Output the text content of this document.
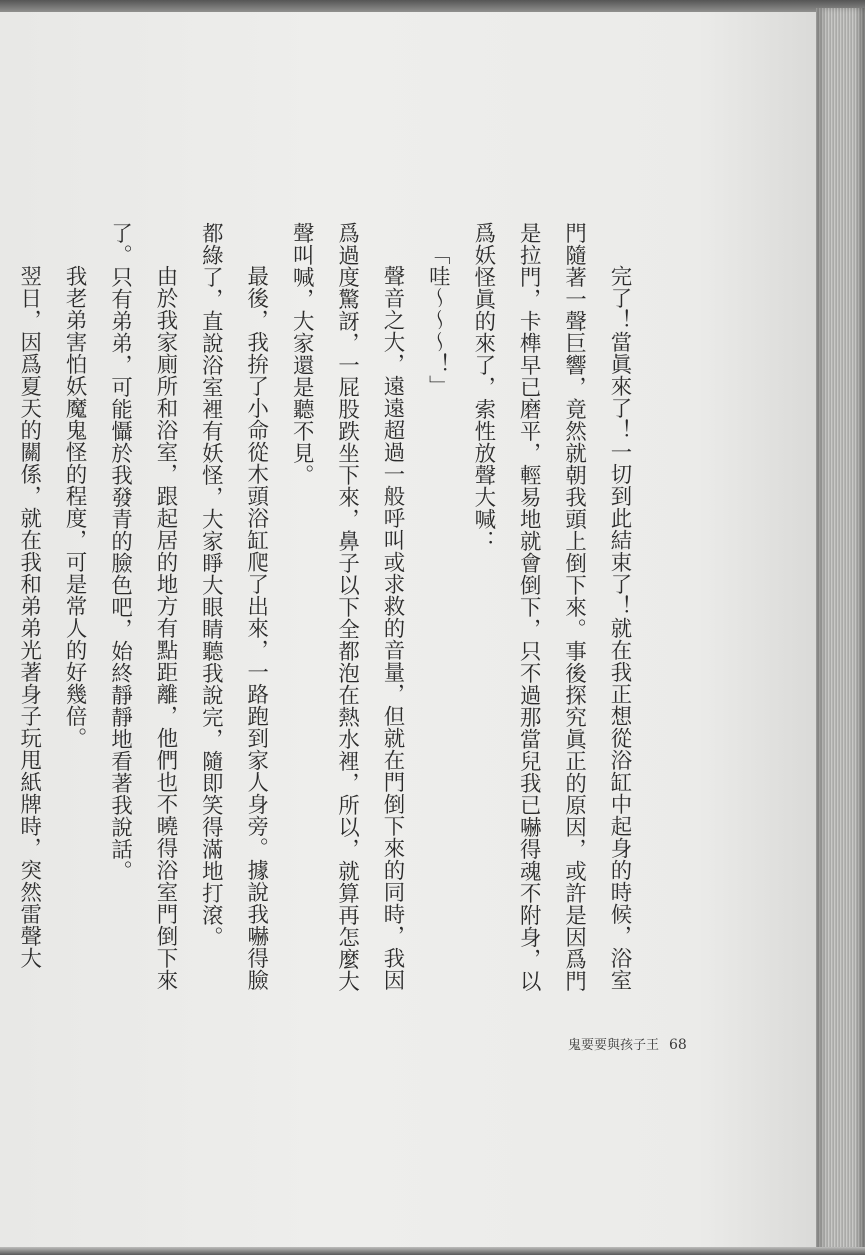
完了！當眞來了！一切到此結束了！就在我正想從浴缸中起身的時候，浴室門隨著一聲巨響，竟然就朝我頭上倒下來。事後探究眞正的原因，或許是因爲門是拉門，卡榫早已磨平，輕易地就會倒下，只不過那當兒我已嚇得魂不附身，以爲妖怪眞的來了，索性放聲大喊：

「哇～～～！」

聲音之大，遠遠超過一般呼叫或求救的音量，但就在門倒下來的同時，我因爲過度驚訝，一屁股跌坐下來，鼻子以下全都泡在熱水裡，所以，就算再怎麼大聲叫喊，大家還是聽不見。

最後，我拚了小命從木頭浴缸爬了出來，一路跑到家人身旁。據說我嚇得臉都綠了，直說浴室裡有妖怪，大家睜大眼睛聽我說完，隨即笑得滿地打滾。

由於我家廁所和浴室，跟起居的地方有點距離，他們也不曉得浴室門倒下來了。只有弟弟，可能懾於我發青的臉色吧，始終靜靜地看著我說話。

我老弟害怕妖魔鬼怪的程度，可是常人的好幾倍。

翌日，因爲夏天的關係，就在我和弟弟光著身子玩甩紙牌時，突然雷聲大

鬼要要與孩子王 68
